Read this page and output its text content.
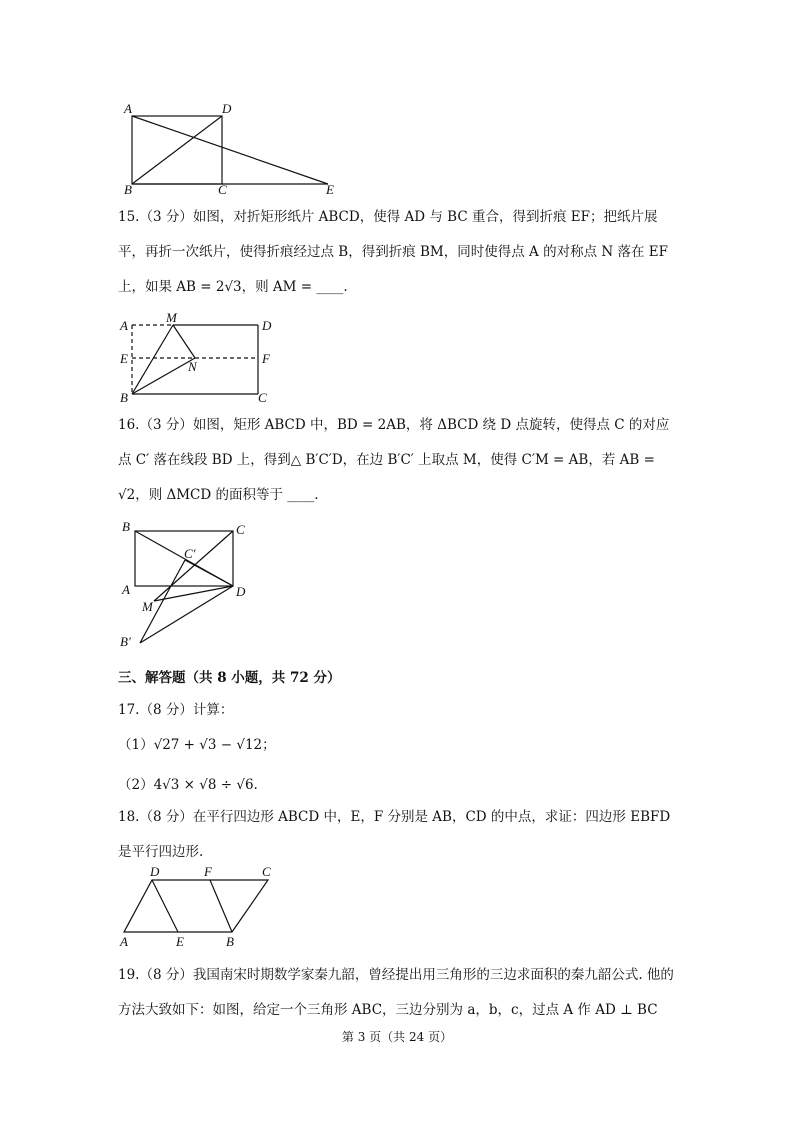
A	D
B	C	E
15.（3 分）如图，对折矩形纸片 ABCD，使得 AD 与 BC 重合，得到折痕 EF；把纸片展平，再折一次纸片，使得折痕经过点 B，得到折痕 BM，同时使得点 A 的对称点 N 落在 EF 上，如果 AB = 2√3，则 AM = ____.
A
M
D
E
N
F
B	C
16.（3 分）如图，矩形 ABCD 中，BD = 2AB，将 ΔBCD 绕 D 点旋转，使得点 C 的对应点 C′ 落在线段 BD 上，得到△ B′C′D，在边 B′C′ 上取点 M，使得 C′M = AB，若 AB = √2，则 ΔMCD 的面积等于 ____.
B	C
C′
A	D
M
B′
三、解答题（共 8 小题，共 72 分）
17.（8 分）计算：
（1）√27 + √3 − √12；
（2）4√3 × √8 ÷ √6.
18.（8 分）在平行四边形 ABCD 中，E，F 分别是 AB，CD 的中点，求证：四边形 EBFD 是平行四边形.
D	F	C
A	E	B
19.（8 分）我国南宋时期数学家秦九韶，曾经提出用三角形的三边求面积的秦九韶公式. 他的方法大致如下：如图，给定一个三角形 ABC，三边分别为 a，b，c，过点 A 作 AD ⊥ BC
第 3 页（共 24 页）
